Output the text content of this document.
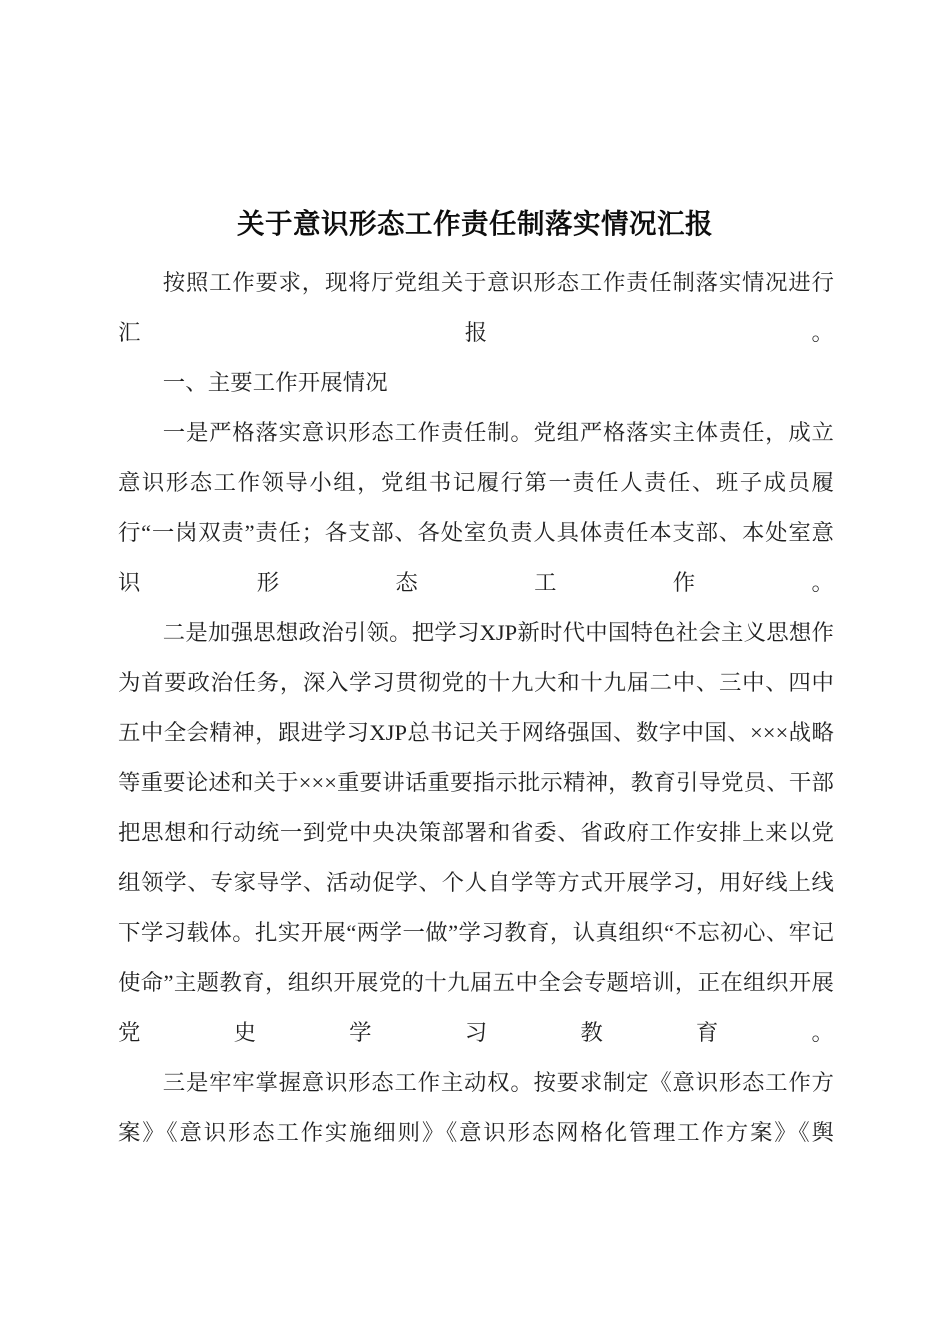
关于意识形态工作责任制落实情况汇报

按照工作要求，现将厅党组关于意识形态工作责任制落实情况进行汇报。

一、主要工作开展情况

一是严格落实意识形态工作责任制。党组严格落实主体责任，成立意识形态工作领导小组，党组书记履行第一责任人责任、班子成员履行“一岗双责”责任；各支部、各处室负责人具体责任本支部、本处室意识形态工作。

二是加强思想政治引领。把学习XJP新时代中国特色社会主义思想作为首要政治任务，深入学习贯彻党的十九大和十九届二中、三中、四中五中全会精神，跟进学习XJP总书记关于网络强国、数字中国、×××战略等重要论述和关于×××重要讲话重要指示批示精神，教育引导党员、干部把思想和行动统一到党中央决策部署和省委、省政府工作安排上来以党组领学、专家导学、活动促学、个人自学等方式开展学习，用好线上线下学习载体。扎实开展“两学一做”学习教育，认真组织“不忘初心、牢记使命”主题教育，组织开展党的十九届五中全会专题培训，正在组织开展党史学习教育。

三是牢牢掌握意识形态工作主动权。按要求制定《意识形态工作方案》《意识形态工作实施细则》《意识形态网格化管理工作方案》《舆
